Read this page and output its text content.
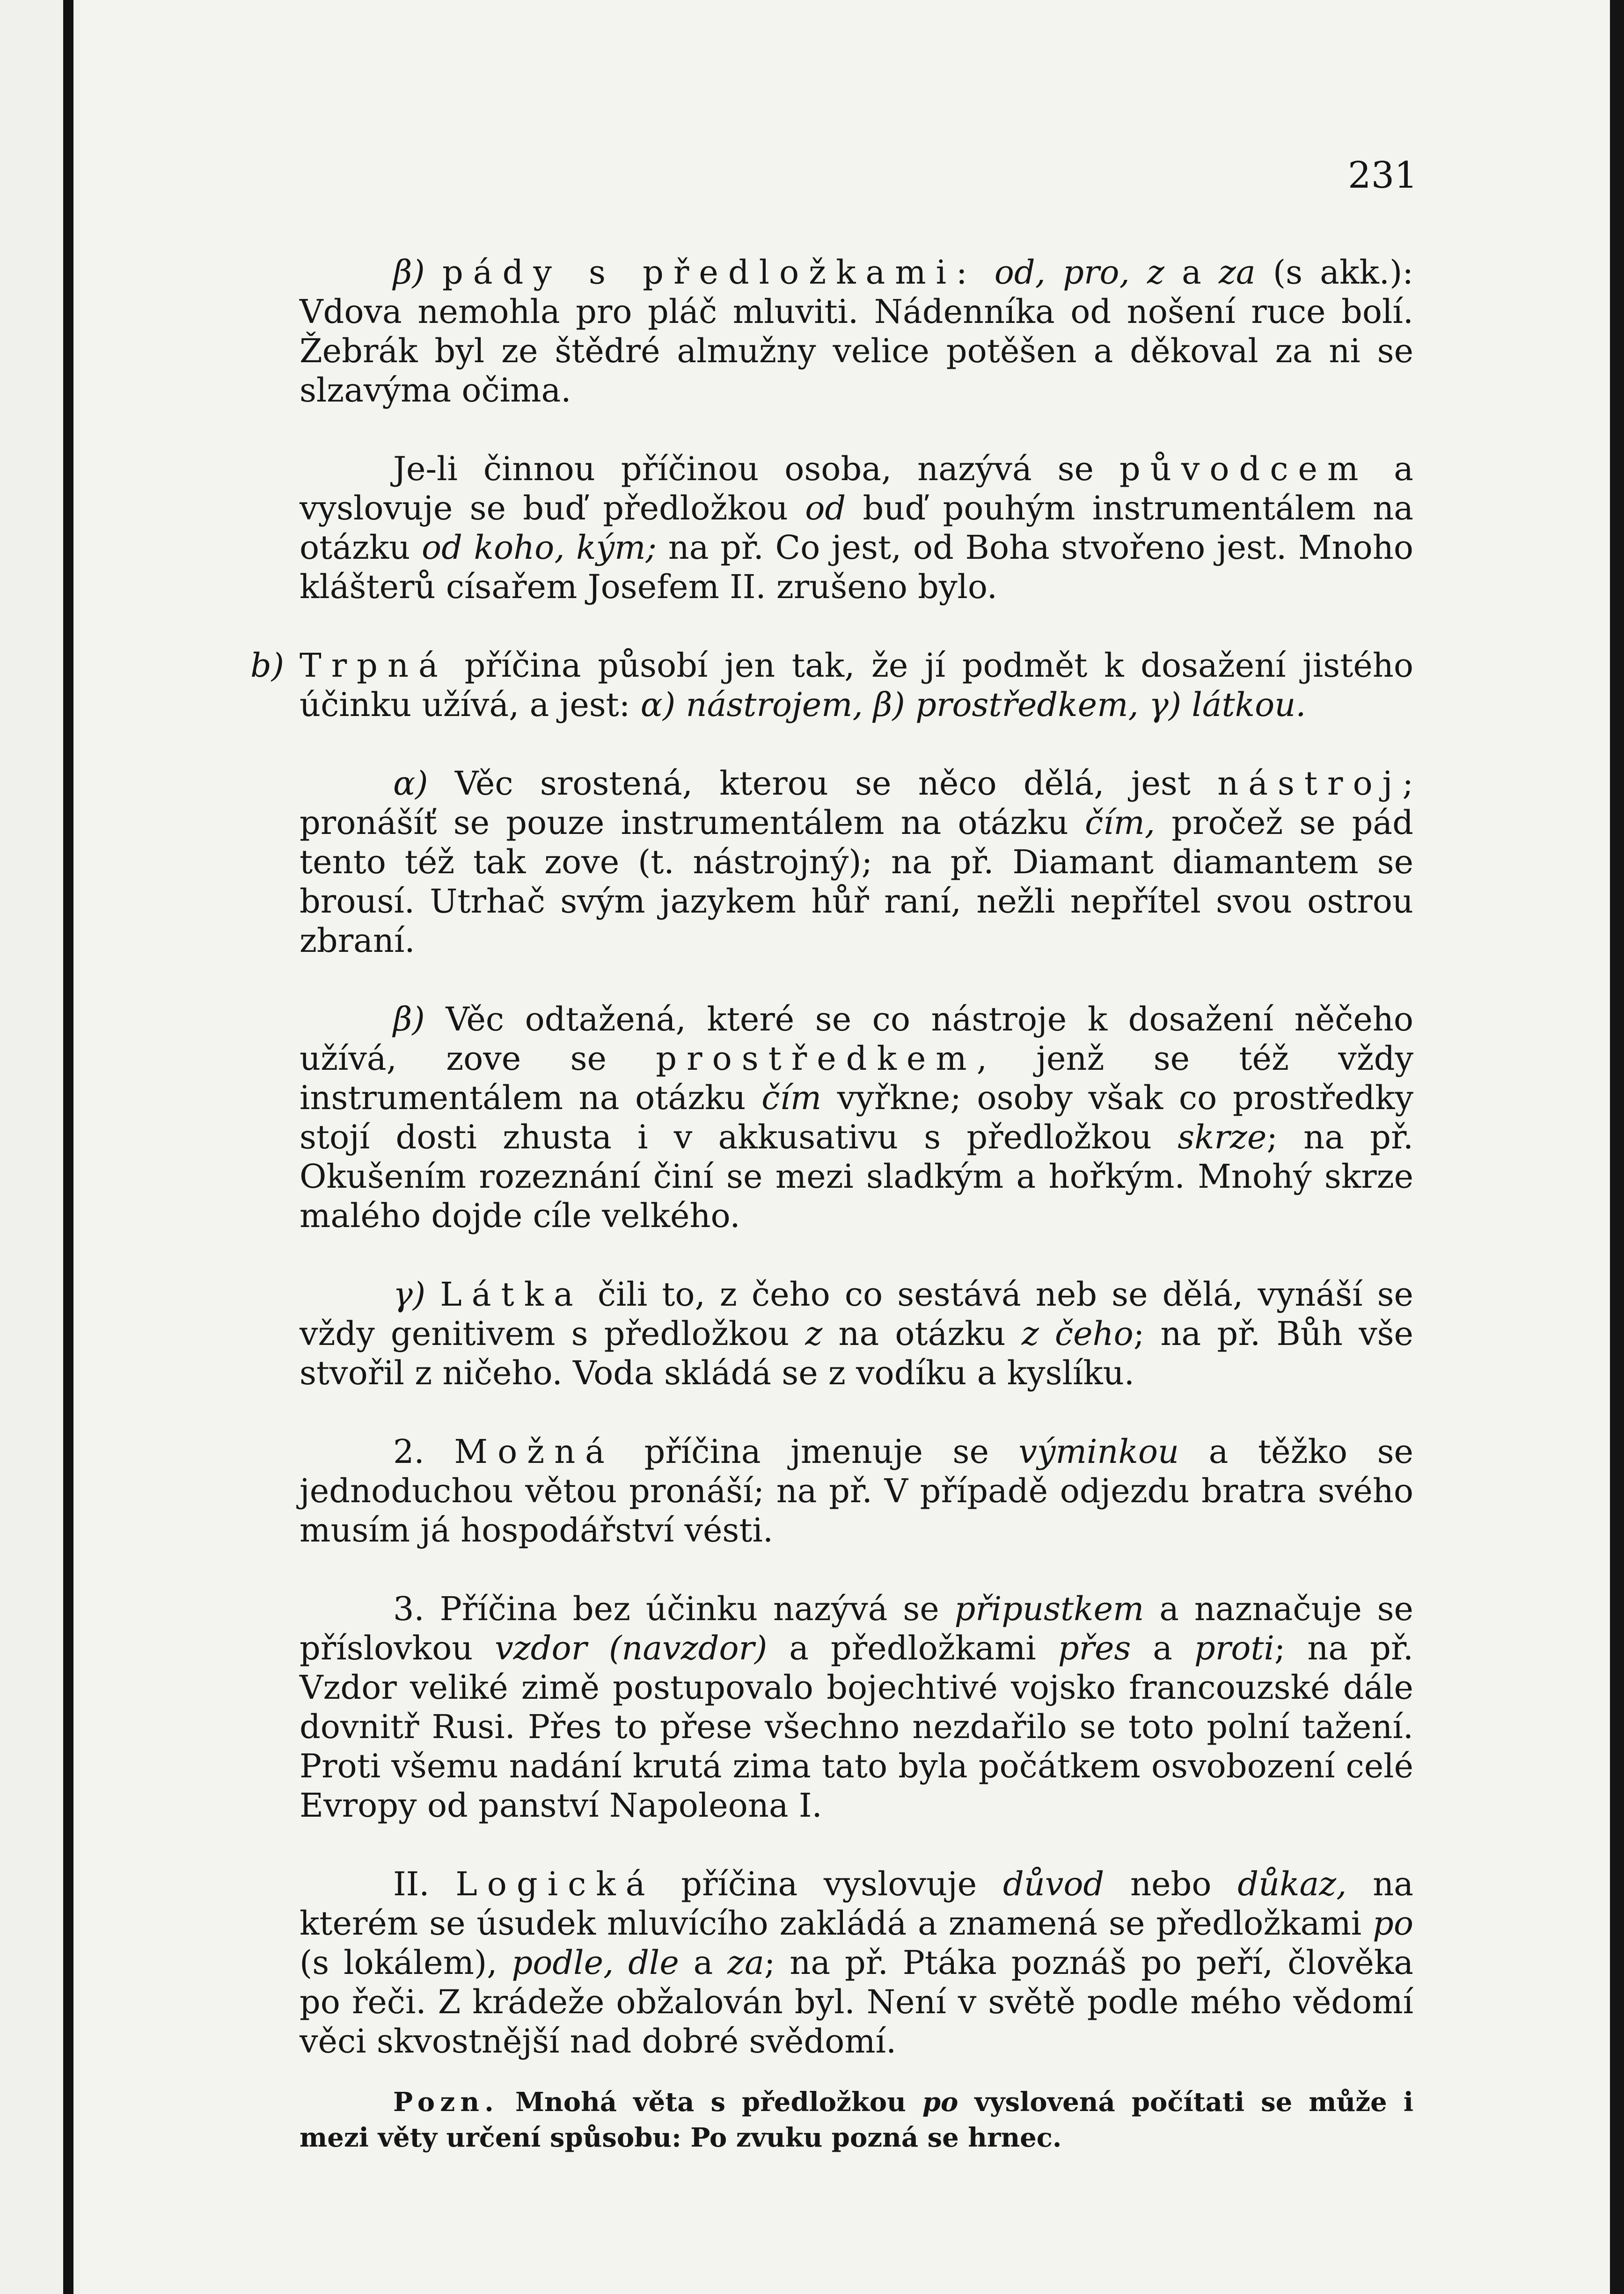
231

β) pády s předložkami: od, pro, z a za (s akk.): Vdova nemohla pro pláč mluviti. Nádenníka od nošení ruce bolí. Žebrák byl ze štědré almužny velice potěšen a děkoval za ni se slzavýma očima.

Je-li činnou příčinou osoba, nazývá se původcem a vyslovuje se buď předložkou od buď pouhým instrumentálem na otázku od koho, kým; na př. Co jest, od Boha stvořeno jest. Mnoho klášterů císařem Josefem II. zrušeno bylo.

b) Trpná příčina působí jen tak, že jí podmět k dosažení jistého účinku užívá, a jest: α) nástrojem, β) prostředkem, γ) látkou.

α) Věc srostená, kterou se něco dělá, jest nástroj; pronášíť se pouze instrumentálem na otázku čím, pročež se pád tento též tak zove (t. nástrojný); na př. Diamant diamantem se brousí. Utrhač svým jazykem hůř raní, nežli nepřítel svou ostrou zbraní.

β) Věc odtažená, které se co nástroje k dosažení něčeho užívá, zove se prostředkem, jenž se též vždy instrumentálem na otázku čím vyřkne; osoby však co prostředky stojí dosti zhusta i v akkusativu s předložkou skrze; na př. Okušením rozeznání činí se mezi sladkým a hořkým. Mnohý skrze malého dojde cíle velkého.

γ) Látka čili to, z čeho co sestává neb se dělá, vynáší se vždy genitivem s předložkou z na otázku z čeho; na př. Bůh vše stvořil z ničeho. Voda skládá se z vodíku a kyslíku.

2. Možná příčina jmenuje se výminkou a těžko se jednoduchou větou pronáší; na př. V případě odjezdu bratra svého musím já hospodářství vésti.

3. Příčina bez účinku nazývá se připustkem a naznačuje se příslovkou vzdor (navzdor) a předložkami přes a proti; na př. Vzdor veliké zimě postupovalo bojechtivé vojsko francouzské dále dovnitř Rusi. Přes to přese všechno nezdařilo se toto polní tažení. Proti všemu nadání krutá zima tato byla počátkem osvobození celé Evropy od panství Napoleona I.

II. Logická příčina vyslovuje důvod nebo důkaz, na kterém se úsudek mluvícího zakládá a znamená se předložkami po (s lokálem), podle, dle a za; na př. Ptáka poznáš po peří, člověka po řeči. Z krádeže obžalován byl. Není v světě podle mého vědomí věci skvostnější nad dobré svědomí.

Pozn. Mnohá věta s předložkou po vyslovená počítati se může i mezi věty určení spůsobu: Po zvuku pozná se hrnec.
